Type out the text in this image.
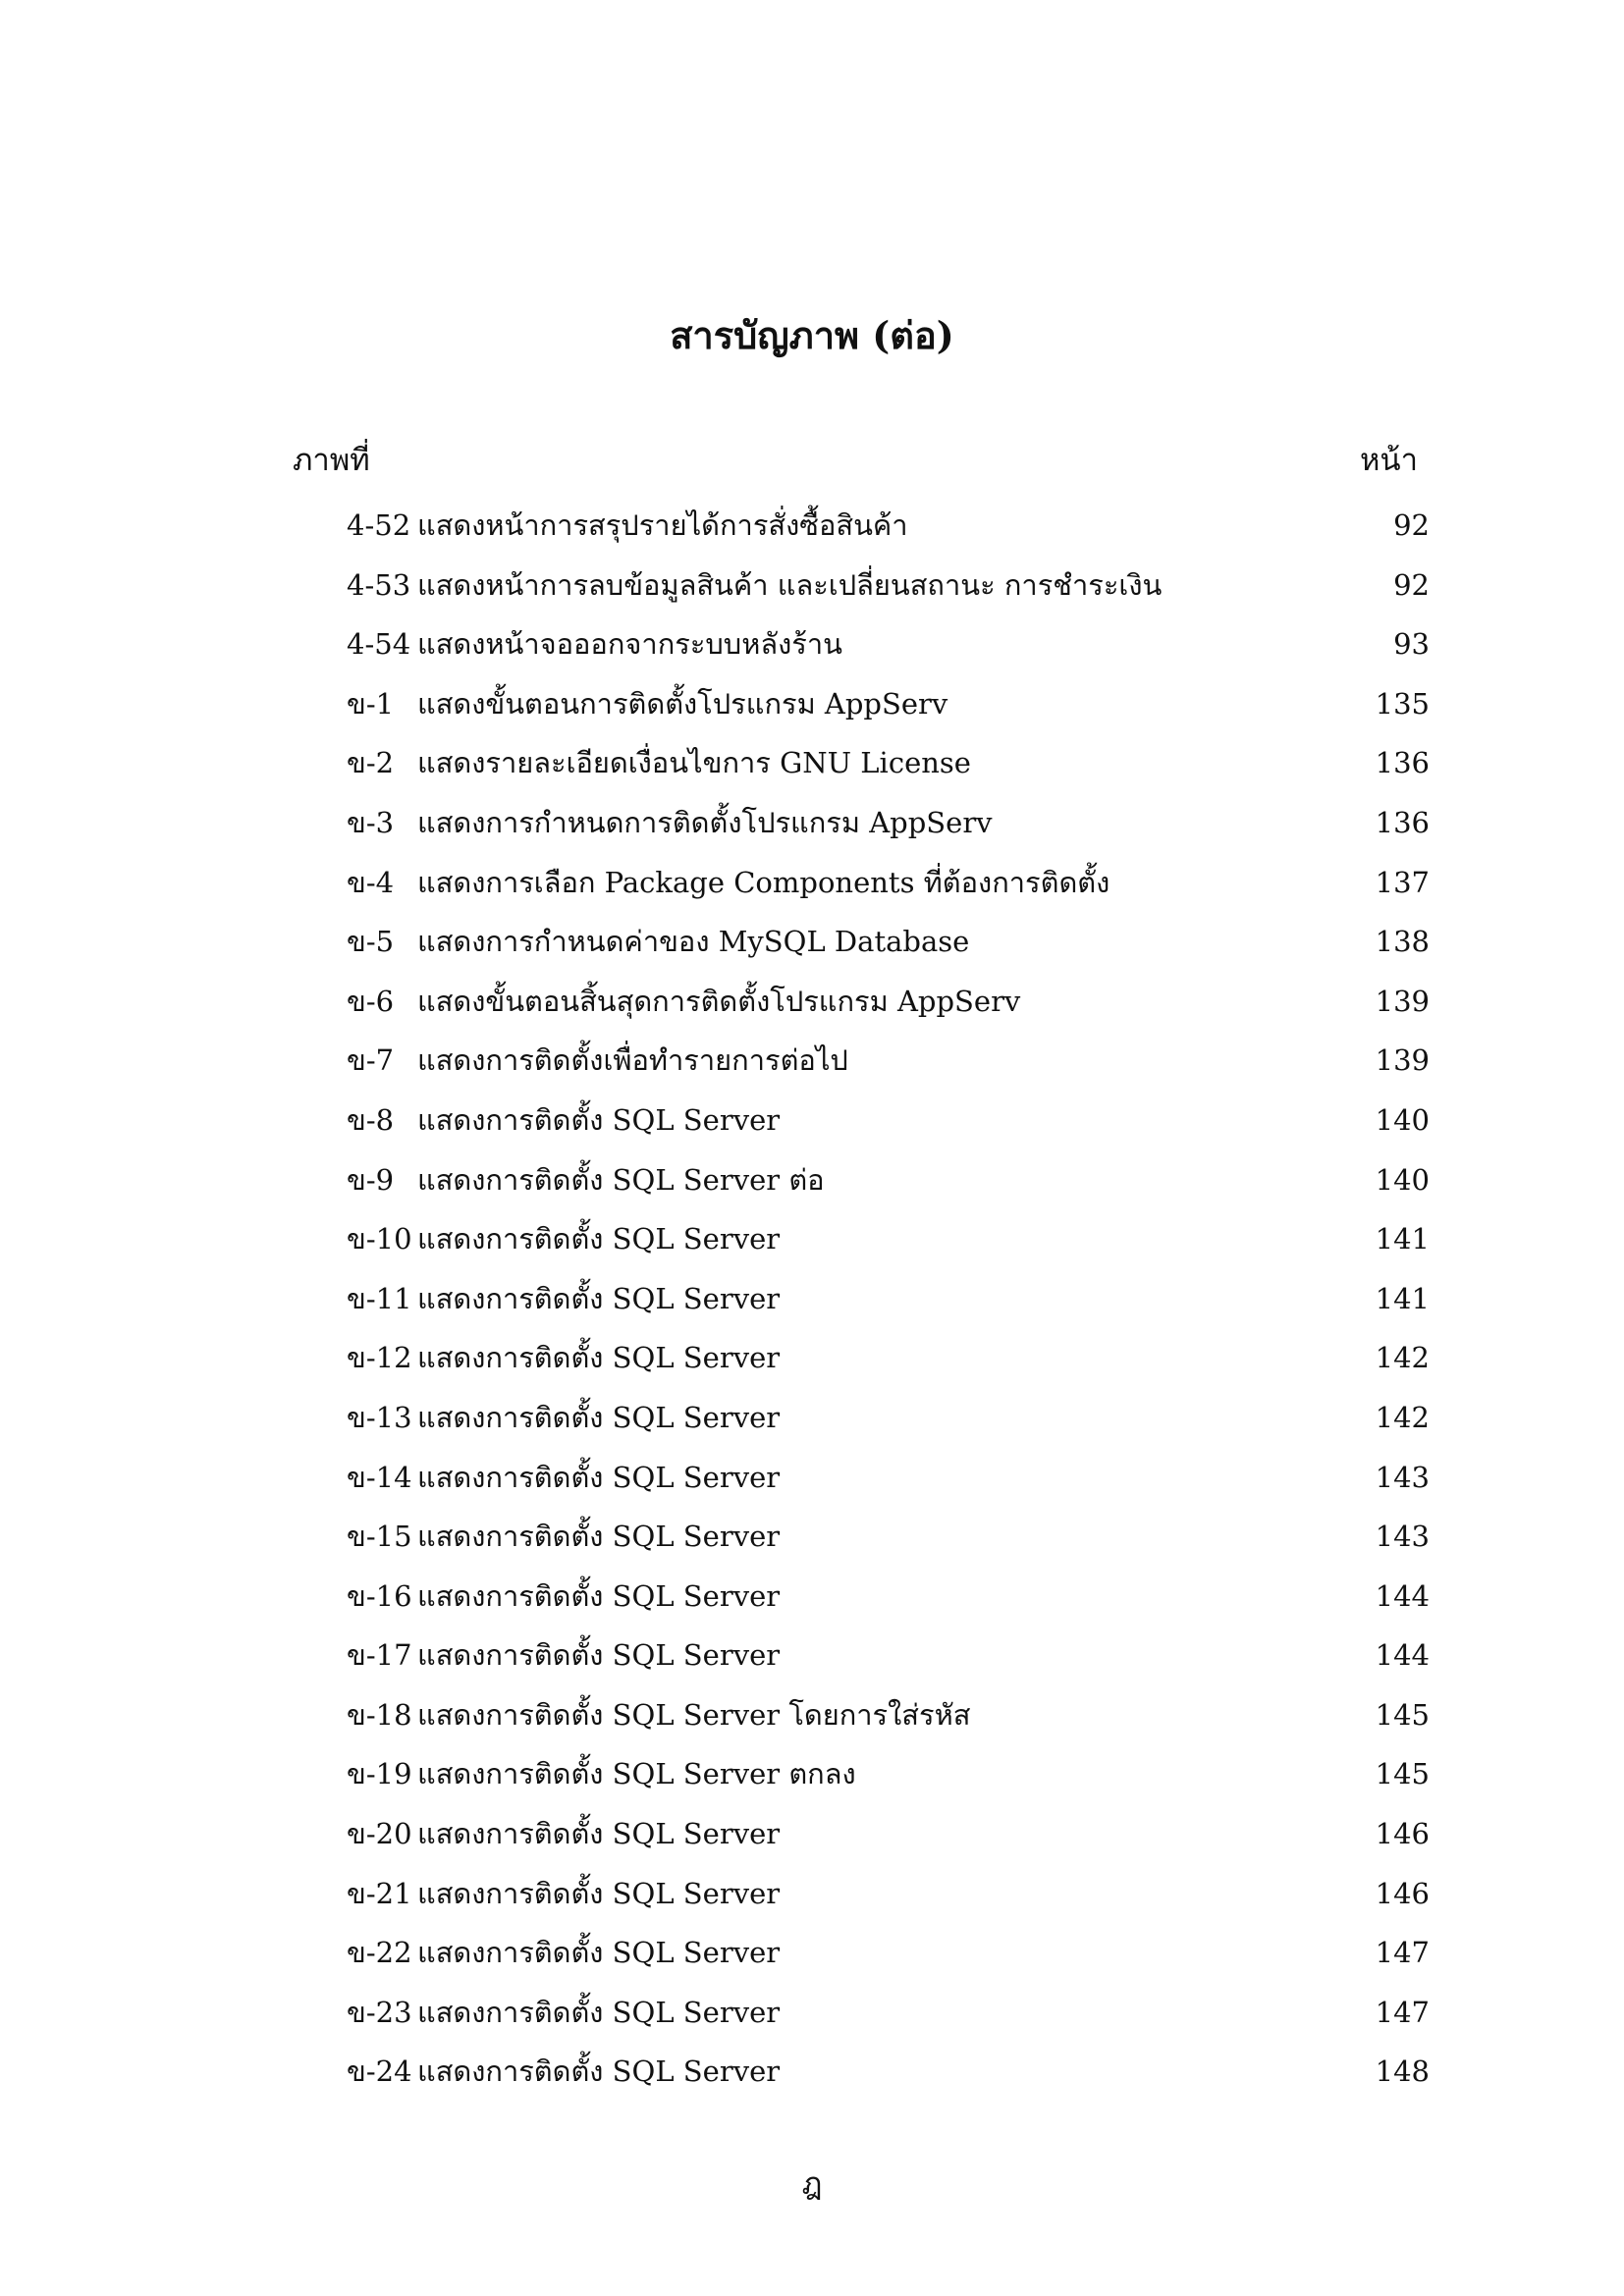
สารบัญภาพ (ต่อ)
ภาพที่	หน้า
4-52 แสดงหน้าการสรุปรายได้การสั่งซื้อสินค้า	92
4-53 แสดงหน้าการลบข้อมูลสินค้า และเปลี่ยนสถานะ การชำระเงิน	92
4-54 แสดงหน้าจอออกจากระบบหลังร้าน	93
ข-1 แสดงขั้นตอนการติดตั้งโปรแกรม AppServ	135
ข-2 แสดงรายละเอียดเงื่อนไขการ GNU License	136
ข-3 แสดงการกำหนดการติดตั้งโปรแกรม AppServ	136
ข-4 แสดงการเลือก Package Components ที่ต้องการติดตั้ง	137
ข-5 แสดงการกำหนดค่าของ MySQL Database	138
ข-6 แสดงขั้นตอนสิ้นสุดการติดตั้งโปรแกรม AppServ	139
ข-7 แสดงการติดตั้งเพื่อทำรายการต่อไป	139
ข-8 แสดงการติดตั้ง SQL Server	140
ข-9 แสดงการติดตั้ง SQL Server ต่อ	140
ข-10 แสดงการติดตั้ง SQL Server	141
ข-11 แสดงการติดตั้ง SQL Server	141
ข-12 แสดงการติดตั้ง SQL Server	142
ข-13 แสดงการติดตั้ง SQL Server	142
ข-14 แสดงการติดตั้ง SQL Server	143
ข-15 แสดงการติดตั้ง SQL Server	143
ข-16 แสดงการติดตั้ง SQL Server	144
ข-17 แสดงการติดตั้ง SQL Server	144
ข-18 แสดงการติดตั้ง SQL Server โดยการใส่รหัส	145
ข-19 แสดงการติดตั้ง SQL Server ตกลง	145
ข-20 แสดงการติดตั้ง SQL Server	146
ข-21 แสดงการติดตั้ง SQL Server	146
ข-22 แสดงการติดตั้ง SQL Server	147
ข-23 แสดงการติดตั้ง SQL Server	147
ข-24 แสดงการติดตั้ง SQL Server	148
ฎ
